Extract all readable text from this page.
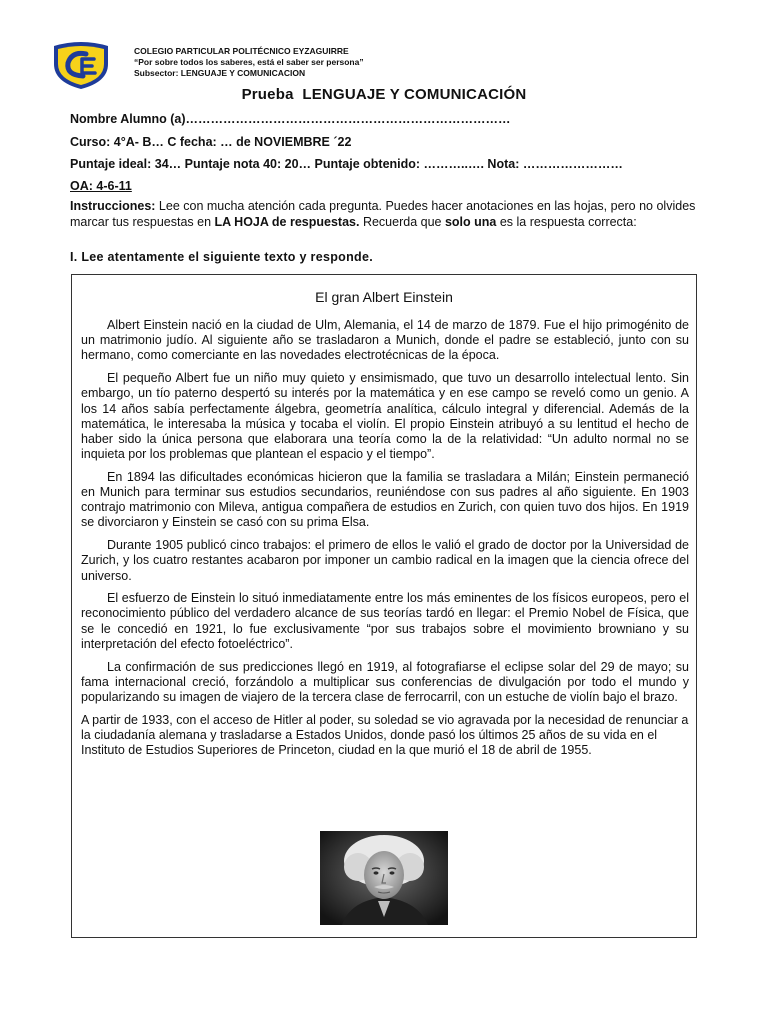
COLEGIO PARTICULAR POLITÉCNICO EYZAGUIRRE
“Por sobre todos los saberes, está el saber ser persona”
Subsector: LENGUAJE Y COMUNICACION
Prueba  LENGUAJE Y COMUNICACIÓN
Nombre Alumno (a)……………………………………………………………………
Curso: 4°A- B… C fecha: … de NOVIEMBRE ´22
Puntaje ideal: 34… Puntaje nota 40: 20… Puntaje obtenido: ………..…. Nota: ……………………
OA: 4-6-11
Instrucciones: Lee con mucha atención cada pregunta. Puedes hacer anotaciones en las hojas, pero no olvides marcar tus respuestas en LA HOJA de respuestas. Recuerda que solo una es la respuesta correcta:
I. Lee atentamente el siguiente texto y responde.
El gran Albert Einstein

Albert Einstein nació en la ciudad de Ulm, Alemania, el 14 de marzo de 1879. Fue el hijo primogénito de un matrimonio judío. Al siguiente año se trasladaron a Munich, donde el padre se estableció, junto con su hermano, como comerciante en las novedades electrotécnicas de la época.

El pequeño Albert fue un niño muy quieto y ensimismado, que tuvo un desarrollo intelectual lento. Sin embargo, un tío paterno despertó su interés por la matemática y en ese campo se reveló como un genio. A los 14 años sabía perfectamente álgebra, geometría analítica, cálculo integral y diferencial. Además de la matemática, le interesaba la música y tocaba el violín. El propio Einstein atribuyó a su lentitud el hecho de haber sido la única persona que elaborara una teoría como la de la relatividad: “Un adulto normal no se inquieta por los problemas que plantean el espacio y el tiempo”.

En 1894 las dificultades económicas hicieron que la familia se trasladara a Milán; Einstein permaneció en Munich para terminar sus estudios secundarios, reuniéndose con sus padres al año siguiente. En 1903 contrajo matrimonio con Mileva, antigua compañera de estudios en Zurich, con quien tuvo dos hijos. En 1919 se divorciaron y Einstein se casó con su prima Elsa.

Durante 1905 publicó cinco trabajos: el primero de ellos le valió el grado de doctor por la Universidad de Zurich, y los cuatro restantes acabaron por imponer un cambio radical en la imagen que la ciencia ofrece del universo.

El esfuerzo de Einstein lo situó inmediatamente entre los más eminentes de los físicos europeos, pero el reconocimiento público del verdadero alcance de sus teorías tardó en llegar: el Premio Nobel de Física, que se le concedió en 1921, lo fue exclusivamente “por sus trabajos sobre el movimiento browniano y su interpretación del efecto fotoeléctrico”.

La confirmación de sus predicciones llegó en 1919, al fotografiarse el eclipse solar del 29 de mayo; su fama internacional creció, forzándolo a multiplicar sus conferencias de divulgación por todo el mundo y popularizando su imagen de viajero de la tercera clase de ferrocarril, con un estuche de violín bajo el brazo.

A partir de 1933, con el acceso de Hitler al poder, su soledad se vio agravada por la necesidad de renunciar a la ciudadanía alemana y trasladarse a Estados Unidos, donde pasó los últimos 25 años de su vida en el Instituto de Estudios Superiores de Princeton, ciudad en la que murió el 18 de abril de 1955.
